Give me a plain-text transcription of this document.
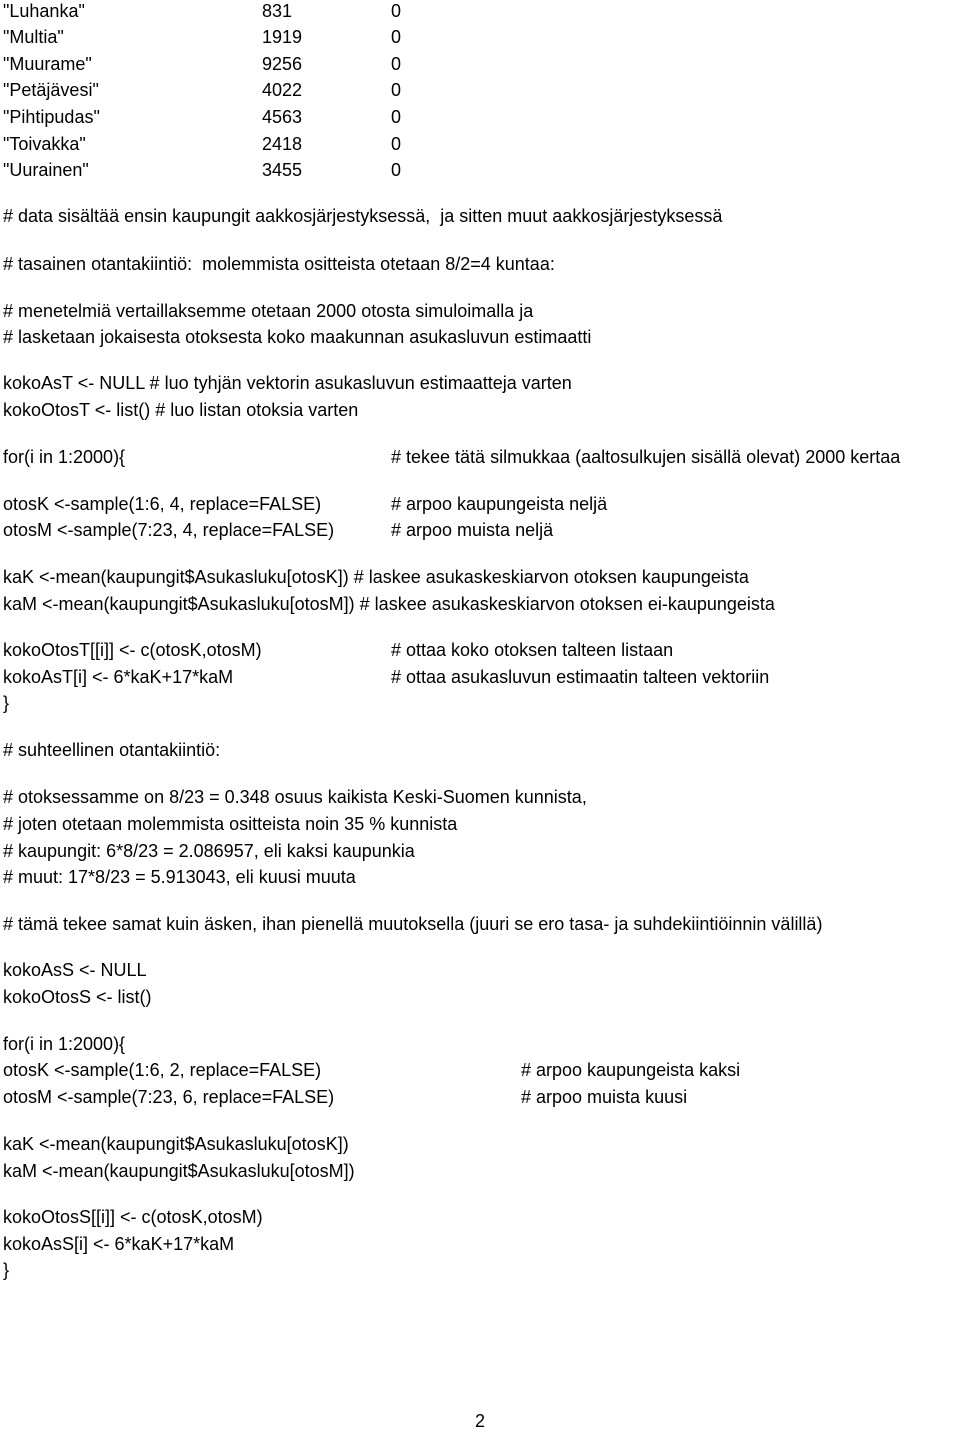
"Luhanka"	831	0
"Multia"	1919	0
"Muurame"	9256	0
"Petäjävesi"	4022	0
"Pihtipudas"	4563	0
"Toivakka"	2418	0
"Uurainen"	3455	0
# data sisältää ensin kaupungit aakkosjärjestyksessä,  ja sitten muut aakkosjärjestyksessä
# tasainen otantakiintiö:  molemmista ositteista otetaan 8/2=4 kuntaa:
# menetelmiä vertaillaksemme otetaan 2000 otosta simuloimalla ja
# lasketaan jokaisesta otoksesta koko maakunnan asukasluvun estimaatti
kokoAsT <- NULL # luo tyhjän vektorin asukasluvun estimaatteja varten
kokoOtosT <- list() # luo listan otoksia varten
for(i in 1:2000){	# tekee tätä silmukkaa (aaltosulkujen sisällä olevat) 2000 kertaa
otosK <-sample(1:6, 4, replace=FALSE)	# arpoo kaupungeista neljä
otosM <-sample(7:23, 4, replace=FALSE)	# arpoo muista neljä
kaK <-mean(kaupungit$Asukasluku[otosK]) # laskee asukaskeskiarvon otoksen kaupungeista
kaM <-mean(kaupungit$Asukasluku[otosM]) # laskee asukaskeskiarvon otoksen ei-kaupungeista
kokoOtosT[[i]] <- c(otosK,otosM)	# ottaa koko otoksen talteen listaan
kokoAsT[i] <- 6*kaK+17*kaM	# ottaa asukasluvun estimaatin talteen vektoriin
}
# suhteellinen otantakiintiö:
# otoksessamme on 8/23 = 0.348 osuus kaikista Keski-Suomen kunnista,
# joten otetaan molemmista ositteista noin 35 % kunnista
# kaupungit: 6*8/23 = 2.086957, eli kaksi kaupunkia
# muut: 17*8/23 = 5.913043, eli kuusi muuta
# tämä tekee samat kuin äsken, ihan pienellä muutoksella (juuri se ero tasa- ja suhdekiintiöinnin välillä)
kokoAsS <- NULL
kokoOtosS <- list()
for(i in 1:2000){
otosK <-sample(1:6, 2, replace=FALSE)	# arpoo kaupungeista kaksi
otosM <-sample(7:23, 6, replace=FALSE)	# arpoo muista kuusi
kaK <-mean(kaupungit$Asukasluku[otosK])
kaM <-mean(kaupungit$Asukasluku[otosM])
kokoOtosS[[i]] <- c(otosK,otosM)
kokoAsS[i] <- 6*kaK+17*kaM
}
2
